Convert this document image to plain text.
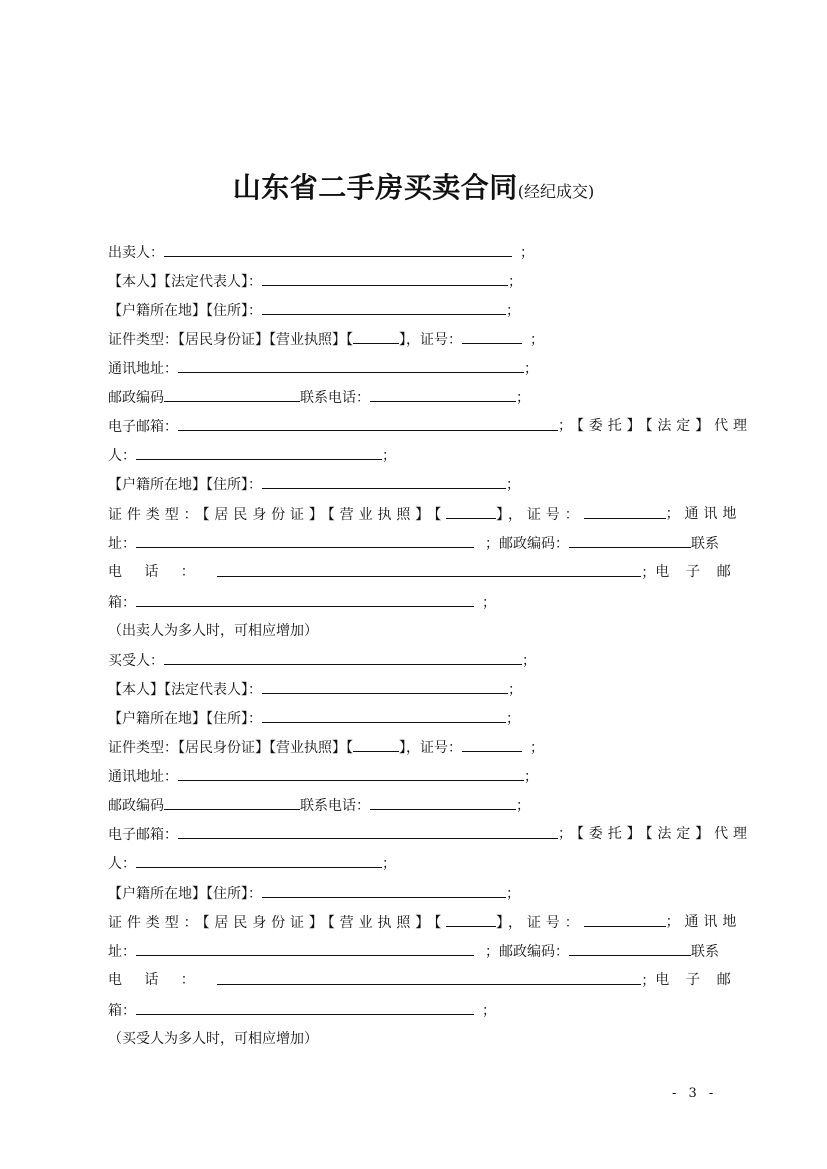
山东省二手房买卖合同(经纪成交)
出卖人：	；
【本人】【法定代表人】：	；
【户籍所在地】【住所】：	；
证件类型：【居民身份证】【营业执照】【	】，证号：	；
通讯地址：	；
邮政编码	联系电话：	；
电子邮箱：	；【委托】【法定】代理
人：	；
【户籍所在地】【住所】：	；
证件类型：【居民身份证】【营业执照】【	】，证号：	；通讯地
址：	；邮政编码：	联系
电话：	； 电子邮
箱：	；
（出卖人为多人时，可相应增加）
买受人：	；
【本人】【法定代表人】：	；
【户籍所在地】【住所】：	；
证件类型：【居民身份证】【营业执照】【	】，证号：	；
通讯地址：	；
邮政编码	联系电话：	；
电子邮箱：	；【委托】【法定】代理
人：	；
【户籍所在地】【住所】：	；
证件类型：【居民身份证】【营业执照】【	】，证号：	；通讯地
址：	；邮政编码：	联系
电话：	； 电子邮
箱：	；
（买受人为多人时，可相应增加）
- 3 -
